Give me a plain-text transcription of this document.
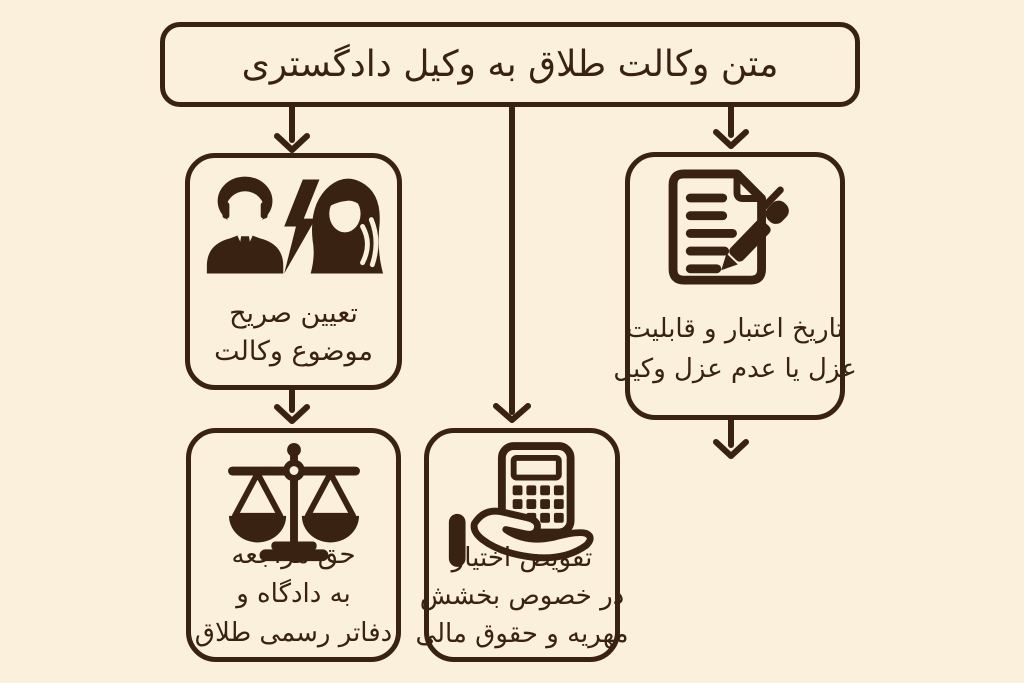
متن وکالت طلاق به وکیل دادگستری
تعیین صریح
موضوع وکالت
حق مراجعه
به دادگاه و
دفاتر رسمی طلاق
تفویض اختیار
در خصوص بخشش
مهریه و حقوق مالی
تاریخ اعتبار و قابلیت
عزل یا عدم عزل وکیل
